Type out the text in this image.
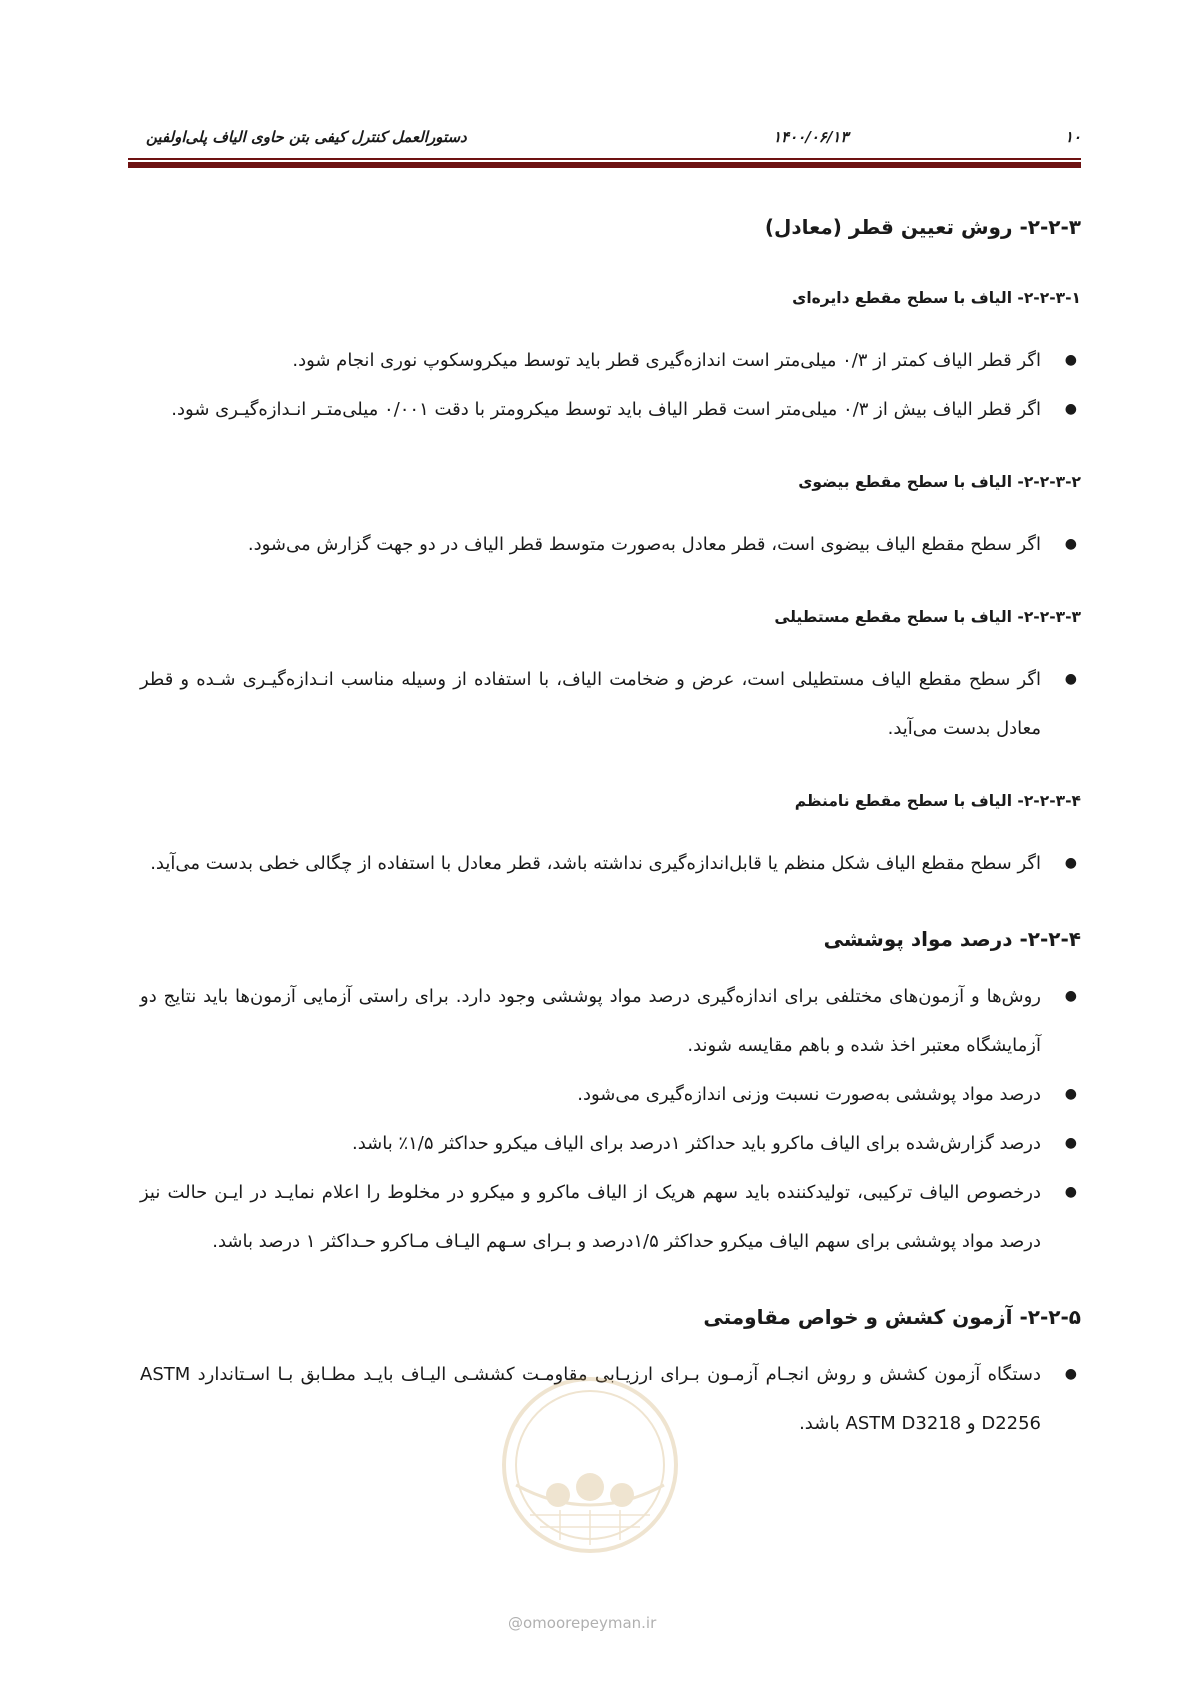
۱۰
۱۴۰۰/۰۶/۱۳
دستورالعمل کنترل کیفی بتن حاوی الیاف پلی‌اولفین
۲-۲-۳- روش تعیین قطر (معادل)
۲-۲-۳-۱- الیاف با سطح مقطع دایره‌ای
●
اگر قطر الیاف کمتر از ۰/۳ میلی‌متر است اندازه‌گیری قطر باید توسط میکروسکوپ نوری انجام شود.
●
اگر قطر الیاف بیش از ۰/۳ میلی‌متر است قطر الیاف باید توسط میکرومتر با دقت ۰/۰۰۱ میلی‌متـر انـدازه‌گیـری شود.
۲-۲-۳-۲- الیاف با سطح مقطع بیضوی
●
اگر سطح مقطع الیاف بیضوی است، قطر معادل به‌صورت متوسط قطر الیاف در دو جهت گزارش می‌شود.
۲-۲-۳-۳- الیاف با سطح مقطع مستطیلی
●
اگر سطح مقطع الیاف مستطیلی است، عرض و ضخامت الیاف، با استفاده از وسیله مناسب انـدازه‌گیـری شـده و قطر معادل بدست می‌آید.
۲-۲-۳-۴- الیاف با سطح مقطع نامنظم
●
اگر سطح مقطع الیاف شکل منظم یا قابل‌اندازه‌گیری نداشته باشد، قطر معادل با استفاده از چگالی خطی بدست می‌آید.
۲-۲-۴- درصد مواد پوششی
●
روش‌ها و آزمون‌های مختلفی برای اندازه‌گیری درصد مواد پوششی وجود دارد. برای راستی آزمایی آزمون‌ها باید نتایج دو آزمایشگاه معتبر اخذ شده و باهم مقایسه شوند.
●
درصد مواد پوششی به‌صورت نسبت وزنی اندازه‌گیری می‌شود.
●
درصد گزارش‌شده برای الیاف ماکرو باید حداکثر ۱درصد برای الیاف میکرو حداکثر ۱/۵٪ باشد.
●
درخصوص الیاف ترکیبی، تولیدکننده باید سهم هریک از الیاف ماکرو و میکرو در مخلوط را اعلام نمایـد در ایـن حالت نیز درصد مواد پوششی برای سهم الیاف میکرو حداکثر ۱/۵درصد و بـرای سـهم الیـاف مـاکرو حـداکثر ۱ درصد باشد.
۲-۲-۵- آزمون کشش و خواص مقاومتی
●
دستگاه آزمون کشش و روش انجـام آزمـون بـرای ارزیـابی مقاومـت کششـی الیـاف بایـد مطـابق بـا اسـتاندارد ASTM D2256 و ASTM D3218 باشد.
@omoorepeyman.ir
